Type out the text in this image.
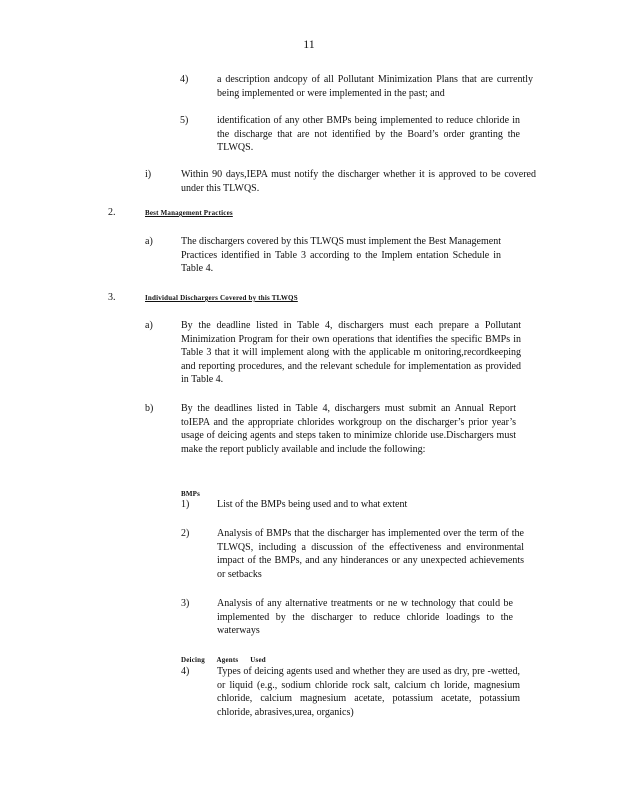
11
4)	a description andcopy of all Pollutant Minimization Plans that are currently being implemented or were implemented in the past; and
5)	identification of any other BMPs being implemented to reduce chloride in the discharge that are not identified by the Board’s order granting the TLWQS.
i)	Within 90 days,IEPA must notify the discharger whether it is approved to be covered under this TLWQS.
2.	Best Management Practices
a)	The dischargers covered by this TLWQS must implement the Best Management Practices identified in Table 3 according to the Implem entation Schedule in Table 4.
3.	Individual Dischargers Covered by this TLWQS
a)	By the deadline listed in Table 4, dischargers must each prepare a Pollutant Minimization Program for their own operations that identifies the specific BMPs in Table 3 that it will implement along with the applicable m onitoring,recordkeeping and reporting procedures, and the relevant schedule for implementation as provided in Table 4.
b)	By the deadlines listed in Table 4, dischargers must submit an Annual Report toIEPA and the appropriate chlorides workgroup on the discharger’s prior year’s usage of deicing agents and steps taken to minimize chloride use.Dischargers must make the report publicly available and include the following:
BMPs
1)	List of the BMPs being used and to what extent
2)	Analysis of BMPs that the discharger has implemented over the term of the TLWQS, including a discussion of the effectiveness and environmental impact of the BMPs, and any hinderances or any unexpected achievements or setbacks
3)	Analysis of any alternative treatments or ne w technology that could be implemented by the discharger to reduce chloride loadings to the waterways
Deicing Agents Used
4)	Types of deicing agents used and whether they are used as dry, pre -wetted, or liquid (e.g., sodium chloride rock salt, calcium ch loride, magnesium chloride, calcium magnesium acetate, potassium acetate, potassium chloride, abrasives,urea, organics)
